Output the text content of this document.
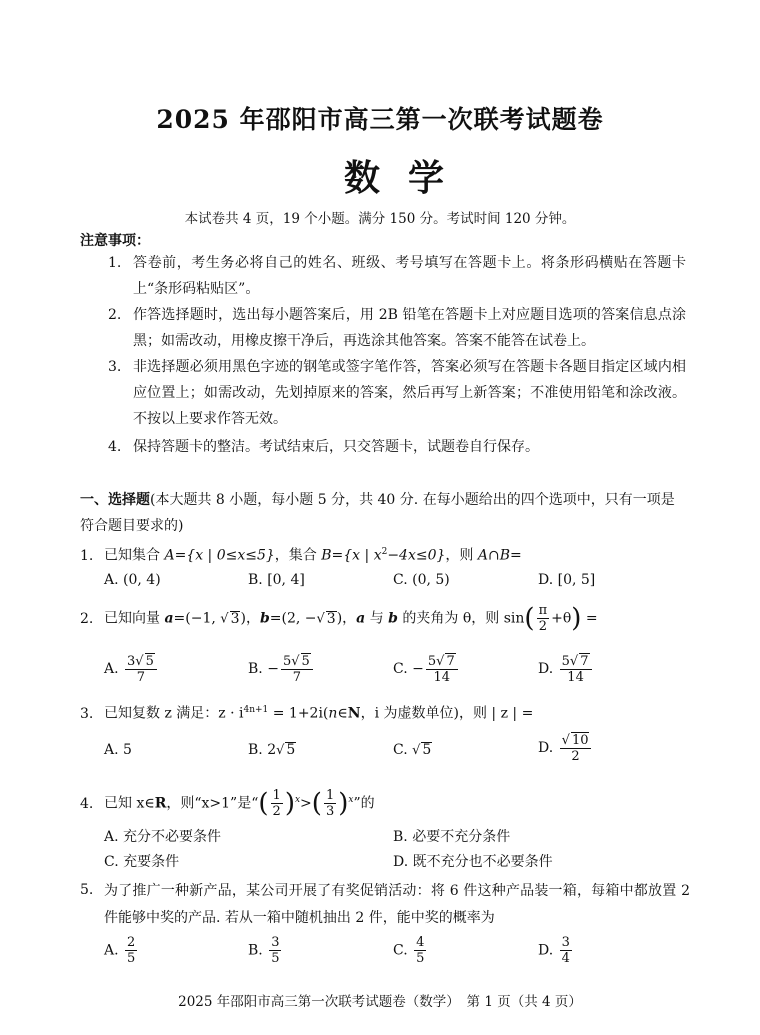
2025 年邵阳市高三第一次联考试题卷
数学
本试卷共 4 页，19 个小题。满分 150 分。考试时间 120 分钟。
注意事项：
1. 答卷前，考生务必将自己的姓名、班级、考号填写在答题卡上。将条形码横贴在答题卡上“条形码粘贴区”。
2. 作答选择题时，选出每小题答案后，用 2B 铅笔在答题卡上对应题目选项的答案信息点涂黑；如需改动，用橡皮擦干净后，再选涂其他答案。答案不能答在试卷上。
3. 非选择题必须用黑色字迹的钢笔或签字笔作答，答案必须写在答题卡各题目指定区域内相应位置上；如需改动，先划掉原来的答案，然后再写上新答案；不准使用铅笔和涂改液。不按以上要求作答无效。
4. 保持答题卡的整洁。考试结束后，只交答题卡，试题卷自行保存。
一、选择题(本大题共 8 小题，每小题 5 分，共 40 分. 在每小题给出的四个选项中，只有一项是符合题目要求的)
1. 已知集合 A={x | 0≤x≤5}，集合 B={x | $x^2-4x\le 0$}，则 A∩B=
A. (0, 4)	B. [0, 4]	C. (0, 5)	D. [0, 5]
2. 已知向量 a=(−1, √ 3)，b=(2, −√ 3)，a 与 b 的夹角为 θ，则 $\sin( \frac{\pi}{2} +\theta)$ =
A. $\frac{3√ 5}{7}$	B. − $\frac{5√ 5}{7}$	C. − $\frac{5√ 7}{14}$	D. $\frac{5√ 7}{14}$
3. 已知复数 z 满足：$z \cdot i^{4n+1}$ = 1+2i(n∈N，i 为虚数单位)，则 | z | =
A. 5	B. 2√ 5	C. √ 5	D. $\frac{√ 10}{2}$
4. 已知 x∈R，则“x>1”是“( $\frac{1}{2} )^x>( \frac{1}{3} )^x$”的
A. 充分不必要条件	B. 必要不充分条件
C. 充要条件	D. 既不充分也不必要条件
5. 为了推广一种新产品，某公司开展了有奖促销活动：将 6 件这种产品装一箱，每箱中都放置 2 件能够中奖的产品. 若从一箱中随机抽出 2 件，能中奖的概率为
A. $\frac{2}{5}$	B. $\frac{3}{5}$	C. $\frac{4}{5}$	D. $\frac{3}{4}$
2025 年邵阳市高三第一次联考试题卷（数学）　第 1 页（共 4 页）
